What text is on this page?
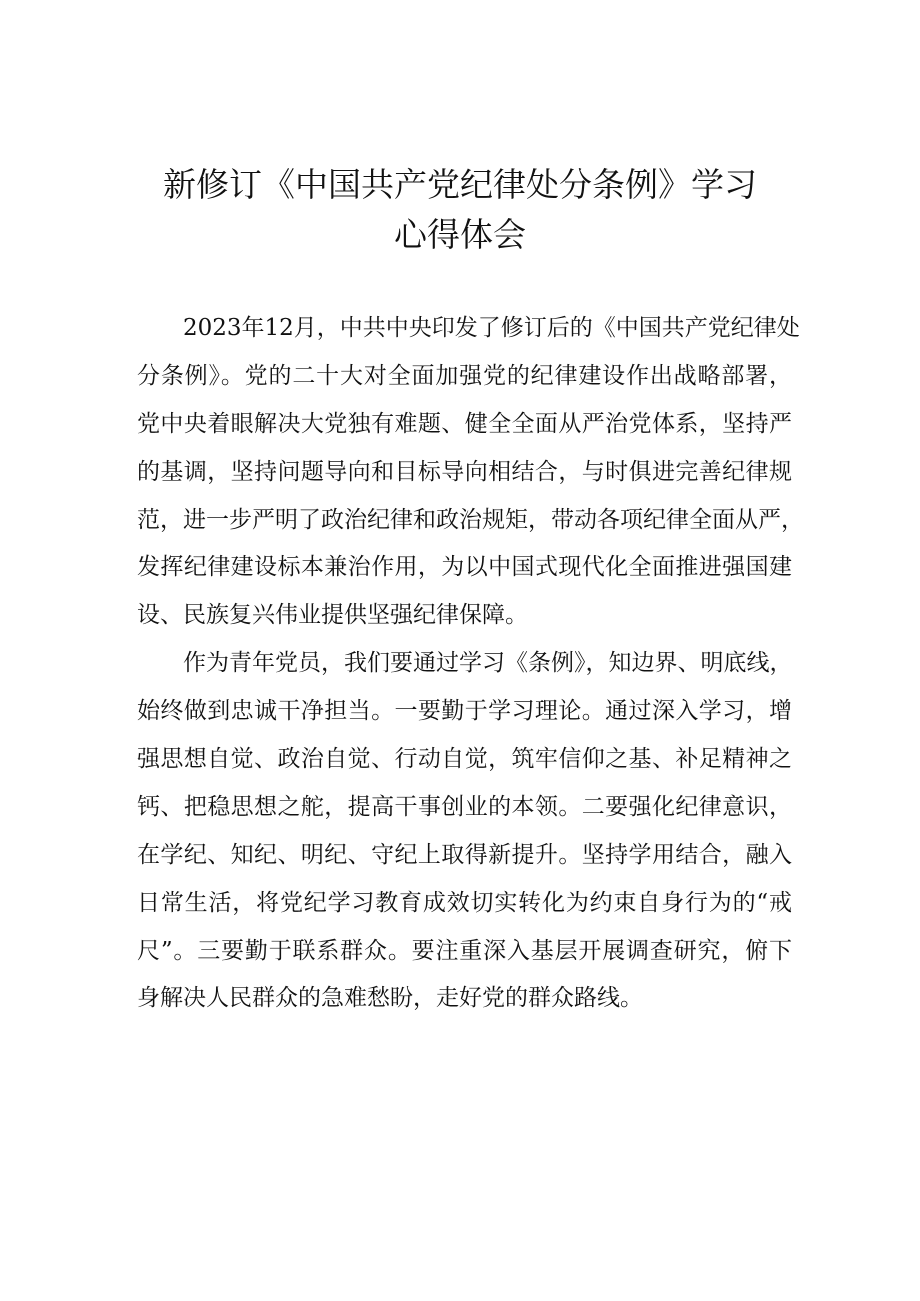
新修订《中国共产党纪律处分条例》学习
心得体会

2023年12月，中共中央印发了修订后的《中国共产党纪律处
分条例》。党的二十大对全面加强党的纪律建设作出战略部署，
党中央着眼解决大党独有难题、健全全面从严治党体系，坚持严
的基调，坚持问题导向和目标导向相结合，与时俱进完善纪律规
范，进一步严明了政治纪律和政治规矩，带动各项纪律全面从严，
发挥纪律建设标本兼治作用，为以中国式现代化全面推进强国建
设、民族复兴伟业提供坚强纪律保障。

作为青年党员，我们要通过学习《条例》，知边界、明底线，
始终做到忠诚干净担当。一要勤于学习理论。通过深入学习，增
强思想自觉、政治自觉、行动自觉，筑牢信仰之基、补足精神之
钙、把稳思想之舵，提高干事创业的本领。二要强化纪律意识，
在学纪、知纪、明纪、守纪上取得新提升。坚持学用结合，融入
日常生活，将党纪学习教育成效切实转化为约束自身行为的“戒
尺”。三要勤于联系群众。要注重深入基层开展调查研究，俯下
身解决人民群众的急难愁盼，走好党的群众路线。
